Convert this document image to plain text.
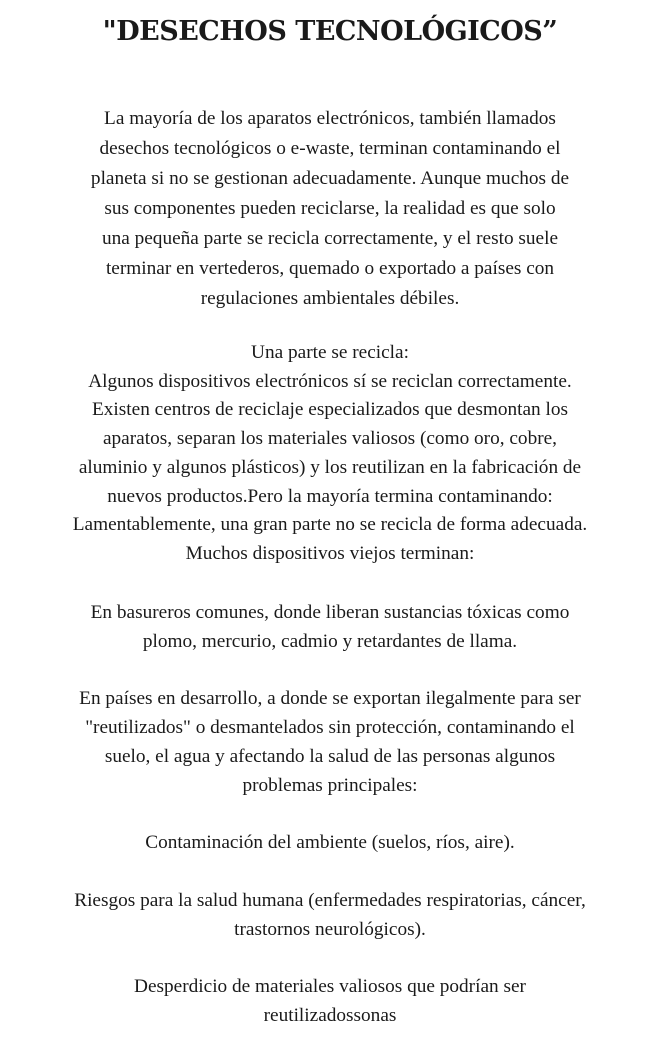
"DESECHOS TECNOLÓGICOS”

La mayoría de los aparatos electrónicos, también llamados
desechos tecnológicos o e-waste, terminan contaminando el
planeta si no se gestionan adecuadamente. Aunque muchos de
sus componentes pueden reciclarse, la realidad es que solo
una pequeña parte se recicla correctamente, y el resto suele
terminar en vertederos, quemado o exportado a países con
regulaciones ambientales débiles.

Una parte se recicla:
Algunos dispositivos electrónicos sí se reciclan correctamente.
Existen centros de reciclaje especializados que desmontan los
aparatos, separan los materiales valiosos (como oro, cobre,
aluminio y algunos plásticos) y los reutilizan en la fabricación de
nuevos productos.Pero la mayoría termina contaminando:
Lamentablemente, una gran parte no se recicla de forma adecuada.
Muchos dispositivos viejos terminan:

En basureros comunes, donde liberan sustancias tóxicas como
plomo, mercurio, cadmio y retardantes de llama.

En países en desarrollo, a donde se exportan ilegalmente para ser
"reutilizados" o desmantelados sin protección, contaminando el
suelo, el agua y afectando la salud de las personas algunos
problemas principales:

Contaminación del ambiente (suelos, ríos, aire).

Riesgos para la salud humana (enfermedades respiratorias, cáncer,
trastornos neurológicos).

Desperdicio de materiales valiosos que podrían ser
reutilizadossonas
